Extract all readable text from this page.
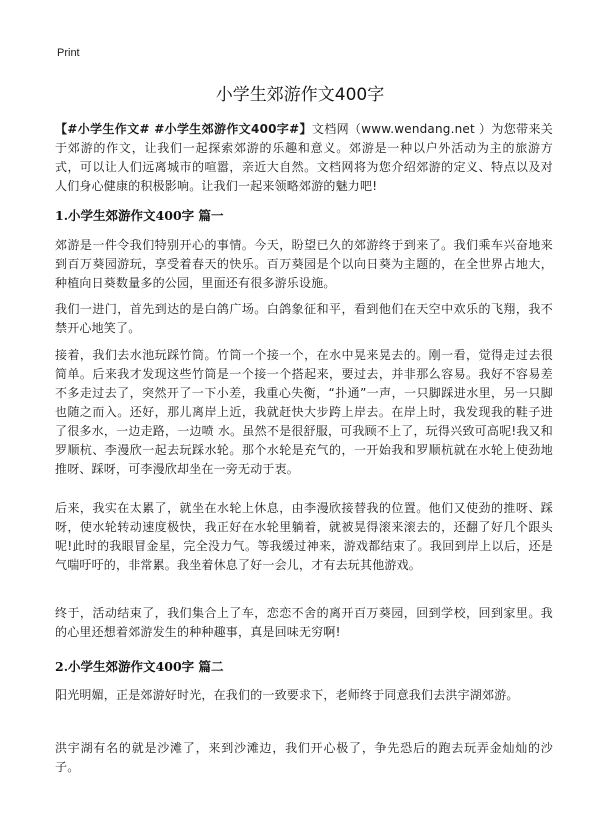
Print
小学生郊游作文400字

【#小学生作文# #小学生郊游作文400字#】文档网（www.wendang.net ）为您带来关于郊游的作文，让我们一起探索郊游的乐趣和意义。郊游是一种以户外活动为主的旅游方式，可以让人们远离城市的喧嚣，亲近大自然。文档网将为您介绍郊游的定义、特点以及对人们身心健康的积极影响。让我们一起来领略郊游的魅力吧!

1.小学生郊游作文400字 篇一

郊游是一件令我们特别开心的事情。今天，盼望已久的郊游终于到来了。我们乘车兴奋地来到百万葵园游玩，享受着春天的快乐。百万葵园是个以向日葵为主题的，在全世界占地大，种植向日葵数量多的公园，里面还有很多游乐设施。

我们一进门，首先到达的是白鸽广场。白鸽象征和平，看到他们在天空中欢乐的飞翔，我不禁开心地笑了。

接着，我们去水池玩踩竹筒。竹筒一个接一个，在水中晃来晃去的。刚一看，觉得走过去很简单。后来我才发现这些竹筒是一个接一个搭起来，要过去，并非那么容易。我好不容易差不多走过去了，突然开了一下小差，我重心失衡，“扑通”一声，一只脚踩进水里，另一只脚也随之而入。还好，那儿离岸上近，我就赶快大步跨上岸去。在岸上时，我发现我的鞋子进了很多水，一边走路，一边喷 水。虽然不是很舒服，可我顾不上了，玩得兴致可高呢!我又和罗顺杭、李漫欣一起去玩踩水轮。那个水轮是充气的，一开始我和罗顺杭就在水轮上使劲地推呀、踩呀，可李漫欣却坐在一旁无动于衷。

后来，我实在太累了，就坐在水轮上休息，由李漫欣接替我的位置。他们又使劲的推呀、踩呀，使水轮转动速度极快，我正好在水轮里躺着，就被晃得滚来滚去的，还翻了好几个跟头呢!此时的我眼冒金星，完全没力气。等我缓过神来，游戏都结束了。我回到岸上以后，还是气喘吁吁的，非常累。我坐着休息了好一会儿，才有去玩其他游戏。

终于，活动结束了，我们集合上了车，恋恋不舍的离开百万葵园，回到学校，回到家里。我的心里还想着郊游发生的种种趣事，真是回味无穷啊!

2.小学生郊游作文400字 篇二

阳光明媚，正是郊游好时光，在我们的一致要求下，老师终于同意我们去洪宇湖郊游。

洪宇湖有名的就是沙滩了，来到沙滩边，我们开心极了，争先恐后的跑去玩弄金灿灿的沙子。
